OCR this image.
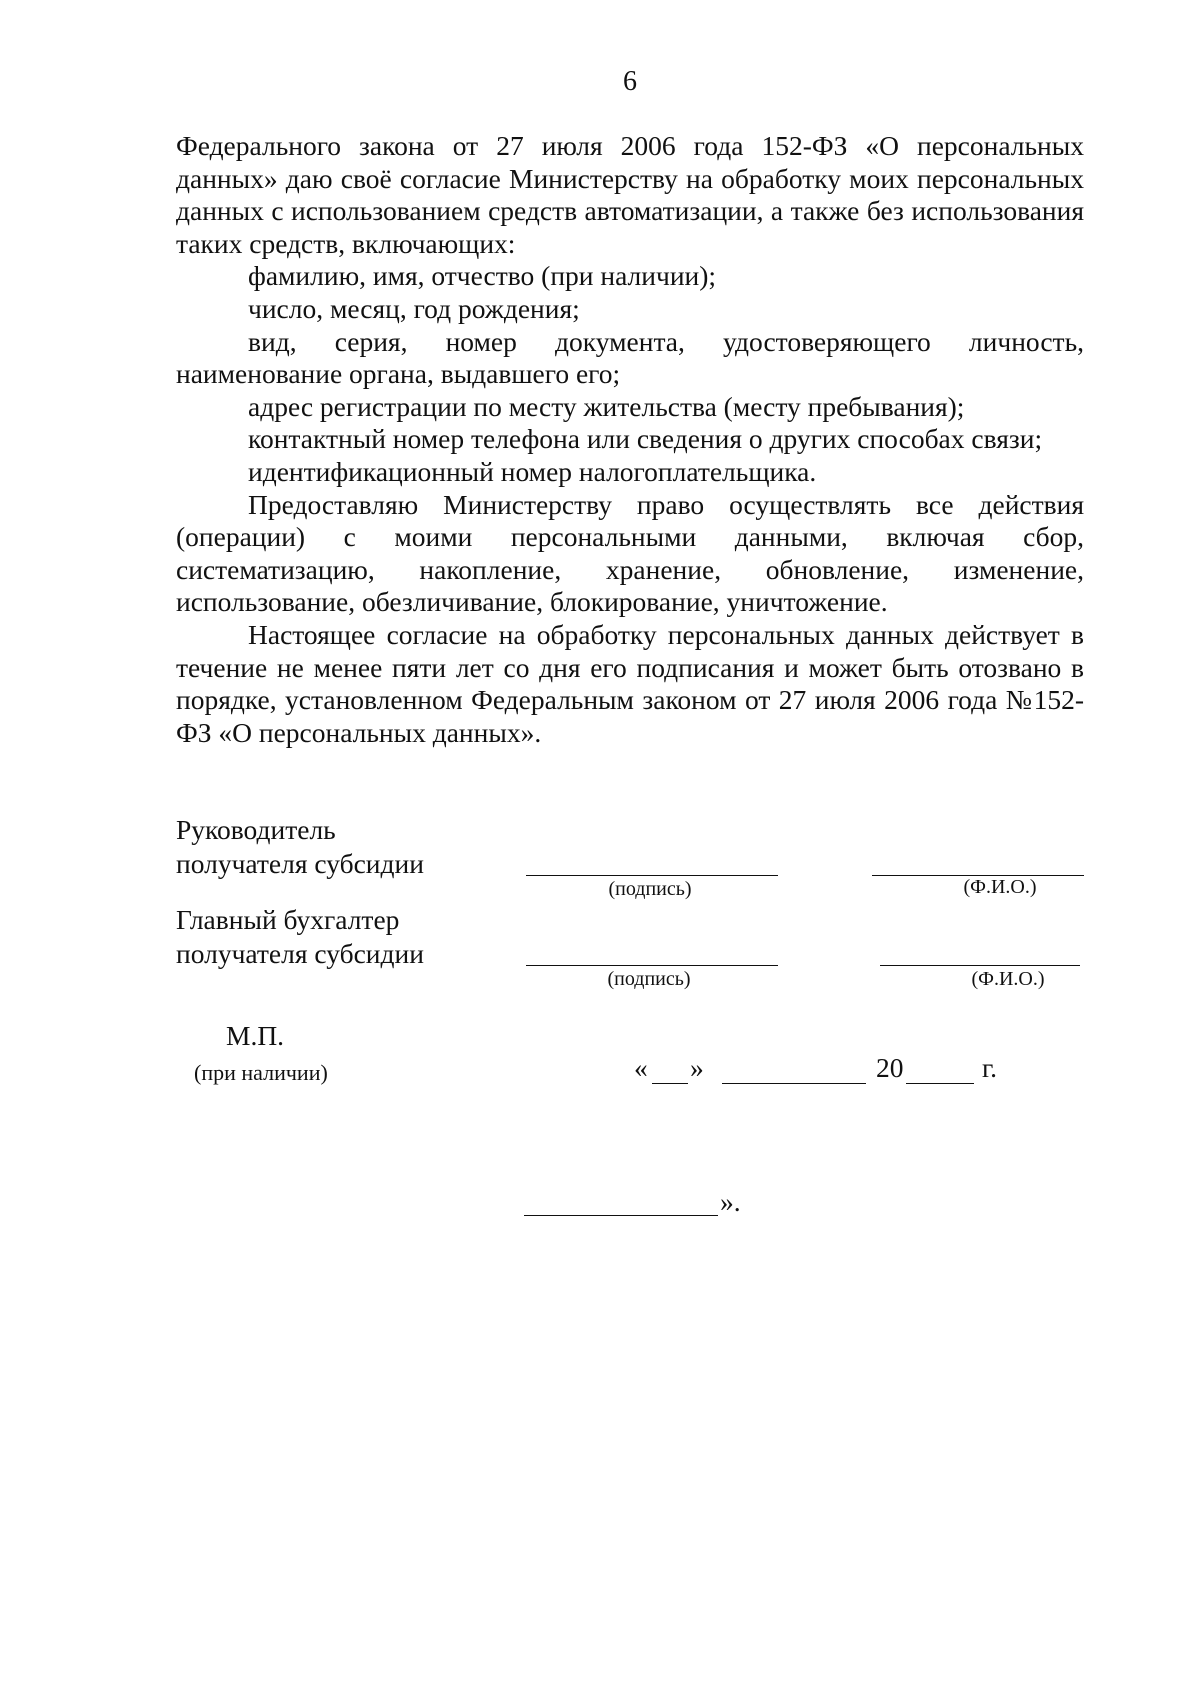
6

Федерального закона от 27 июля 2006 года 152-ФЗ «О персональных данных» даю своё согласие Министерству на обработку моих персональных данных с использованием средств автоматизации, а также без использования таких средств, включающих:

фамилию, имя, отчество (при наличии);

число, месяц, год рождения;

вид, серия, номер документа, удостоверяющего личность, наименование органа, выдавшего его;

адрес регистрации по месту жительства (месту пребывания);

контактный номер телефона или сведения о других способах связи;

идентификационный номер налогоплательщика.

Предоставляю Министерству право осуществлять все действия (операции) с моими персональными данными, включая сбор, систематизацию, накопление, хранение, обновление, изменение, использование, обезличивание, блокирование, уничтожение.

Настоящее согласие на обработку персональных данных действует в течение не менее пяти лет со дня его подписания и может быть отозвано в порядке, установленном Федеральным законом от 27 июля 2006 года №152-ФЗ «О персональных данных».

Руководитель
получателя субсидии
(подпись)	(Ф.И.О.)
Главный бухгалтер
получателя субсидии
(подпись)	(Ф.И.О.)
М.П.
(при наличии)	« »	20	г.
».
